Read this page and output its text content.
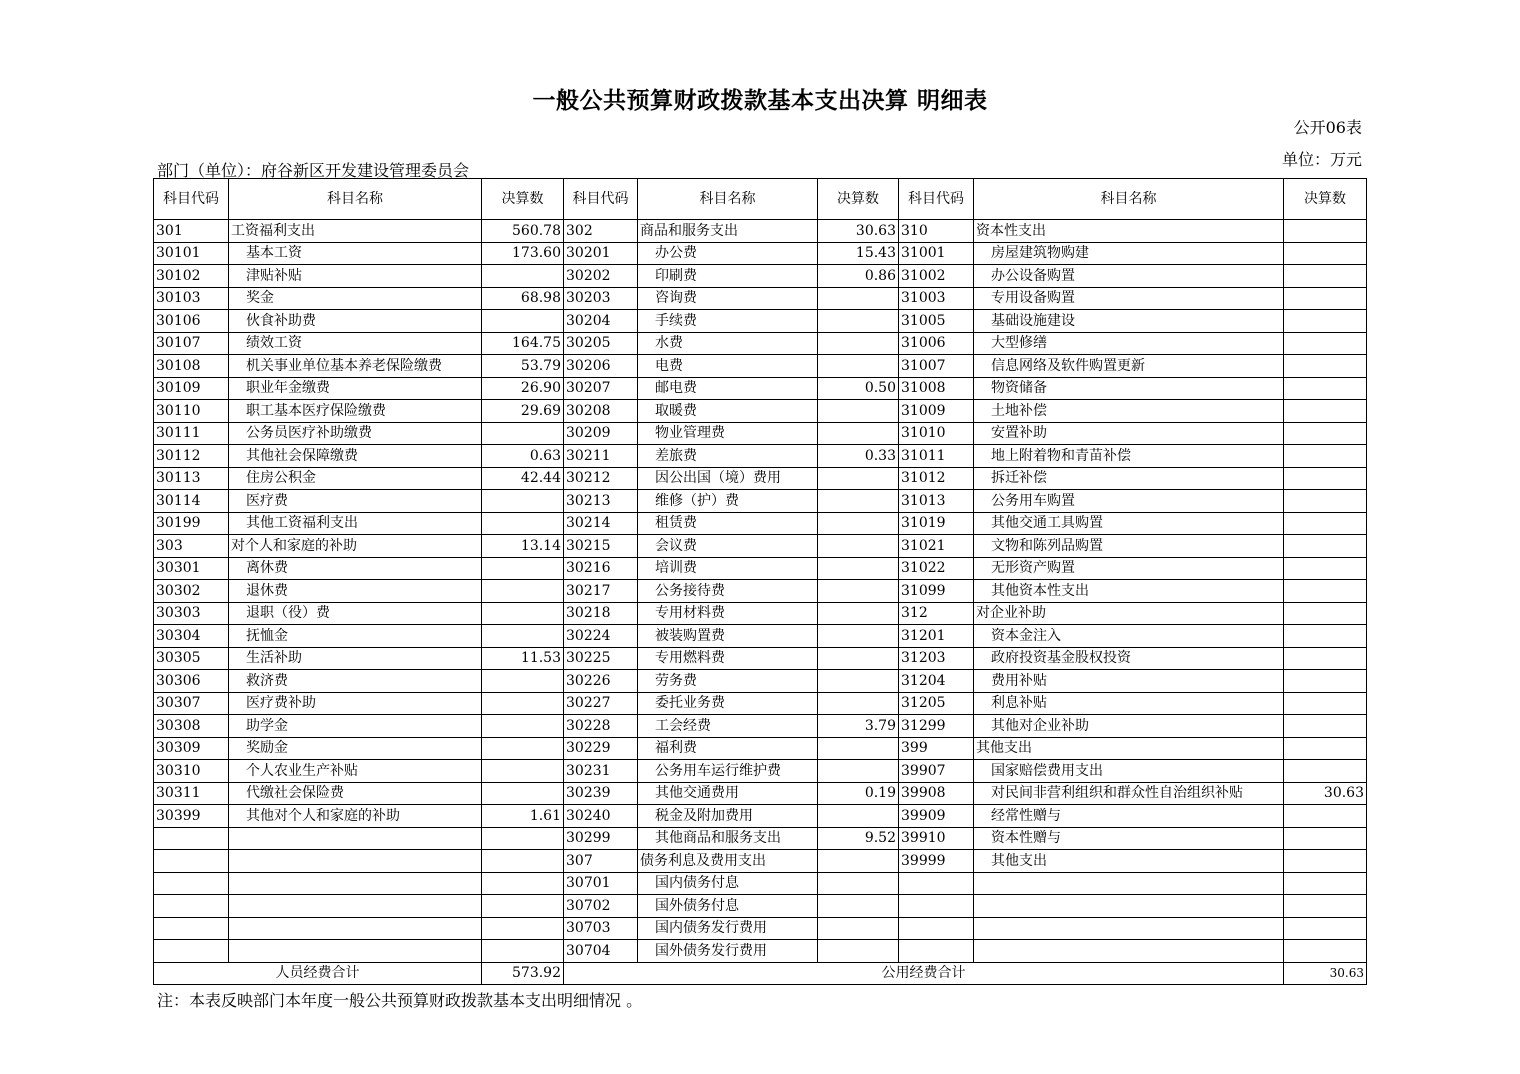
一般公共预算财政拨款基本支出决算 明细表
公开06表
部门（单位）：府谷新区开发建设管理委员会
单位：万元
科目代码	科目名称	决算数	科目代码	科目名称	决算数	科目代码	科目名称	决算数
301	工资福利支出	560.78	302	商品和服务支出	30.63	310	资本性支出	
30101	基本工资	173.60	30201	办公费	15.43	31001	房屋建筑物购建	
30102	津贴补贴		30202	印刷费	0.86	31002	办公设备购置	
30103	奖金	68.98	30203	咨询费		31003	专用设备购置	
30106	伙食补助费		30204	手续费		31005	基础设施建设	
30107	绩效工资	164.75	30205	水费		31006	大型修缮	
30108	机关事业单位基本养老保险缴费	53.79	30206	电费		31007	信息网络及软件购置更新	
30109	职业年金缴费	26.90	30207	邮电费	0.50	31008	物资储备	
30110	职工基本医疗保险缴费	29.69	30208	取暖费		31009	土地补偿	
30111	公务员医疗补助缴费		30209	物业管理费		31010	安置补助	
30112	其他社会保障缴费	0.63	30211	差旅费	0.33	31011	地上附着物和青苗补偿	
30113	住房公积金	42.44	30212	因公出国（境）费用		31012	拆迁补偿	
30114	医疗费		30213	维修（护）费		31013	公务用车购置	
30199	其他工资福利支出		30214	租赁费		31019	其他交通工具购置	
303	对个人和家庭的补助	13.14	30215	会议费		31021	文物和陈列品购置	
30301	离休费		30216	培训费		31022	无形资产购置	
30302	退休费		30217	公务接待费		31099	其他资本性支出	
30303	退职（役）费		30218	专用材料费		312	对企业补助	
30304	抚恤金		30224	被装购置费		31201	资本金注入	
30305	生活补助	11.53	30225	专用燃料费		31203	政府投资基金股权投资	
30306	救济费		30226	劳务费		31204	费用补贴	
30307	医疗费补助		30227	委托业务费		31205	利息补贴	
30308	助学金		30228	工会经费	3.79	31299	其他对企业补助	
30309	奖励金		30229	福利费		399	其他支出	
30310	个人农业生产补贴		30231	公务用车运行维护费		39907	国家赔偿费用支出	
30311	代缴社会保险费		30239	其他交通费用	0.19	39908	对民间非营利组织和群众性自治组织补贴	30.63
30399	其他对个人和家庭的补助	1.61	30240	税金及附加费用		39909	经常性赠与	
			30299	其他商品和服务支出	9.52	39910	资本性赠与	
			307	债务利息及费用支出		39999	其他支出	
			30701	国内债务付息				
			30702	国外债务付息				
			30703	国内债务发行费用				
			30704	国外债务发行费用				
人员经费合计		573.92	公用经费合计					30.63
注：本表反映部门本年度一般公共预算财政拨款基本支出明细情况 。
